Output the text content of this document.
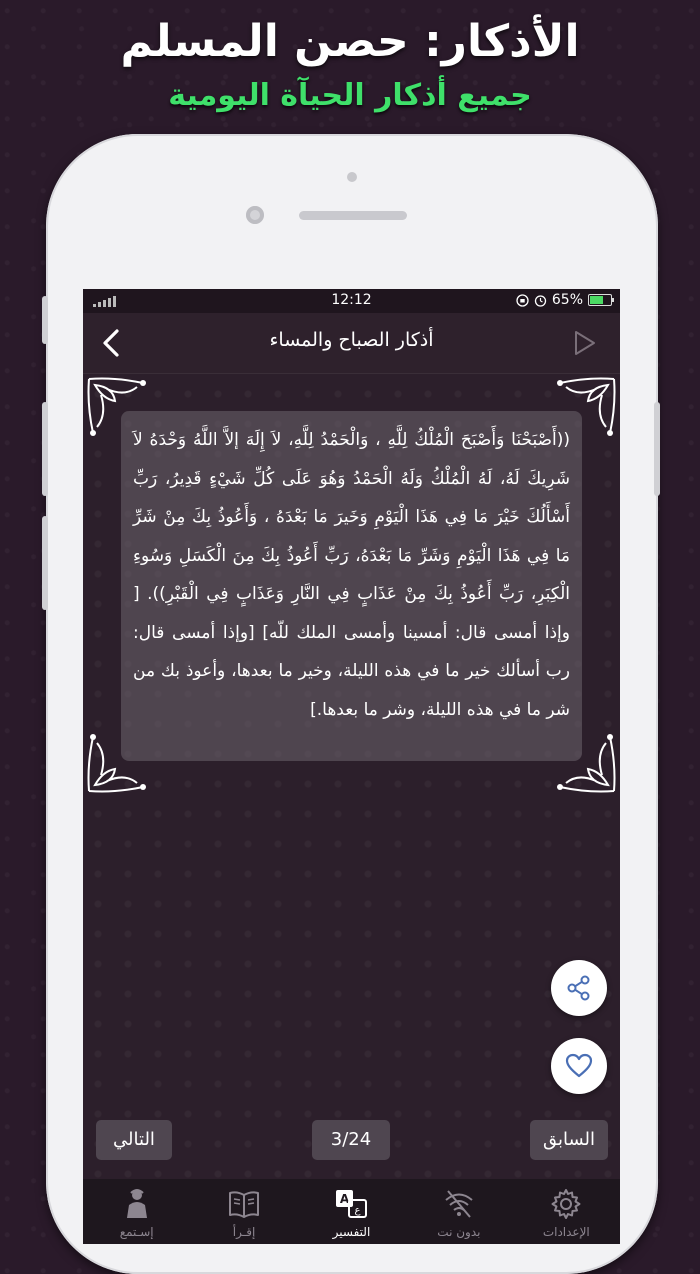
الأذكار: حصن المسلم
جميع أذكار الحيآة اليومية
12:12	65%
أذكار الصباح والمساء
((أَصْبَحْنَا وَأَصْبَحَ الْمُلْكُ لِلَّهِ ، وَالْحَمْدُ لِلَّهِ، لاَ إِلَهَ إلاَّ اللَّهُ وَحْدَهُ لاَ شَرِيكَ لَهُ، لَهُ الْمُلْكُ وَلَهُ الْحَمْدُ وَهُوَ عَلَى كُلِّ شَيْءٍ قَدِيرُ، رَبِّ أَسْأَلُكَ خَيْرَ مَا فِي هَذَا الْيَوْمِ وَخَيرَ مَا بَعْدَهُ ، وَأَعُوذُ بِكَ مِنْ شَرِّ مَا فِي هَذَا الْيَوْمِ وَشَرِّ مَا بَعْدَهُ، رَبِّ أَعُوذُ بِكَ مِنَ الْكَسَلِ وَسُوءِ الْكِبَرِ، رَبِّ أَعُوذُ بِكَ مِنْ عَذَابٍ فِي النَّارِ وَعَذَابٍ فِي الْقَبْرِ)). [ وإذا أمسى قال: أمسينا وأمسى الملك للّه] [وإذا أمسى قال: رب أسألك خير ما في هذه الليلة، وخير ما بعدها، وأعوذ بك من شر ما في هذه الليلة، وشر ما بعدها.]
التالي	3/24	السابق
الإعدادات
بدون نت
A
ع
التفسير
إقـرأ
إسـتمع
